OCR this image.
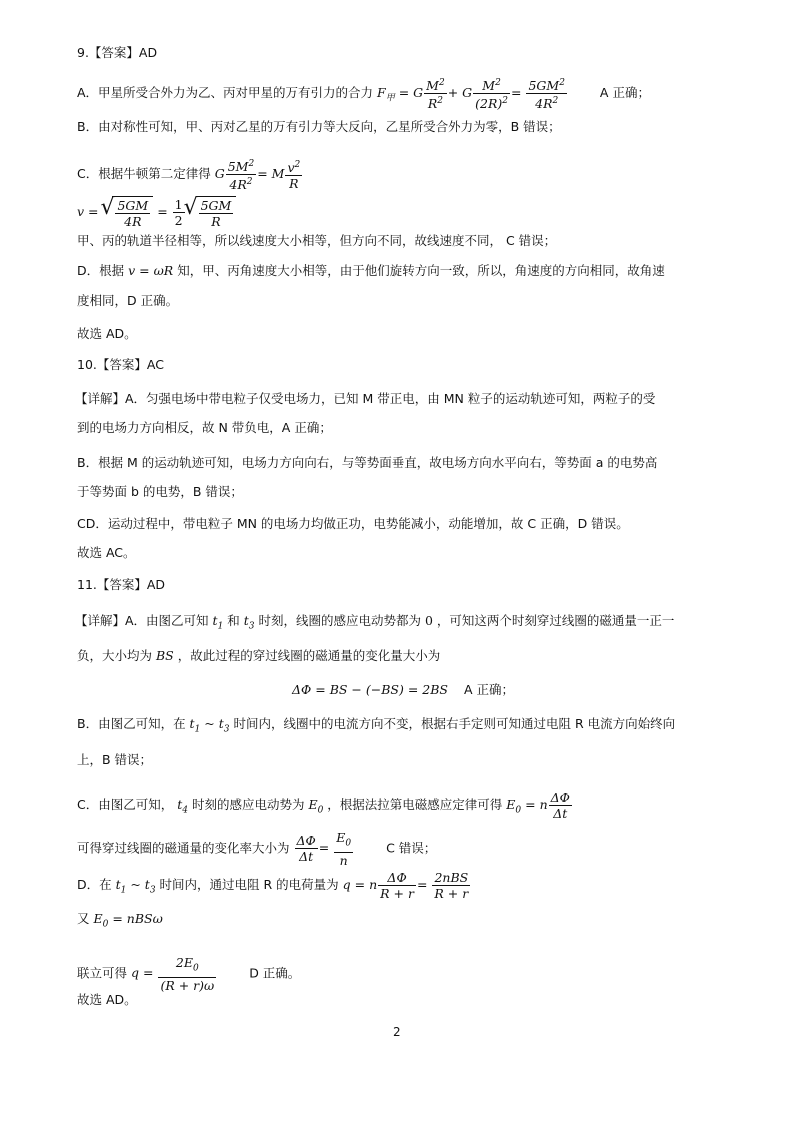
9.【答案】AD
A．甲星所受合外力为乙、丙对甲星的万有引力的合力 $F_甲 = G \frac{M^2}{R^2} + G \frac{M^2}{(2R)^2} = \frac{5GM^2}{4R^2}$	A 正确；
B．由对称性可知，甲、丙对乙星的万有引力等大反向，乙星所受合外力为零，B 错误；
C．根据牛顿第二定律得 G $\frac{5M^2}{4R^2} = M \frac{v^2}{R}$
v = √ $\frac{5GM}{4R} = \frac{1}{2}$ √ $\frac{5GM}{R}$
甲、丙的轨道半径相等，所以线速度大小相等，但方向不同，故线速度不同， C 错误；
D．根据 v = ωR 知，甲、丙角速度大小相等，由于他们旋转方向一致，所以，角速度的方向相同，故角速
度相同，D 正确。
故选 AD。
10.【答案】AC
【详解】A．匀强电场中带电粒子仅受电场力，已知 M 带正电，由 MN 粒子的运动轨迹可知，两粒子的受
到的电场力方向相反，故 N 带负电，A 正确；
B．根据 M 的运动轨迹可知，电场力方向向右，与等势面垂直，故电场方向水平向右，等势面 a 的电势高
于等势面 b 的电势，B 错误；
CD．运动过程中，带电粒子 MN 的电场力均做正功，电势能减小，动能增加，故 C 正确，D 错误。
故选 AC。
11.【答案】AD
【详解】A．由图乙可知 $t_1$ 和 $t_3$ 时刻，线圈的感应电动势都为 0 ，可知这两个时刻穿过线圈的磁通量一正一
负，大小均为 BS ，故此过程的穿过线圈的磁通量的变化量大小为
ΔΦ = BS − (−BS) = 2BS A 正确；
B．由图乙可知，在 $t_1$ ~ $t_3$ 时间内，线圈中的电流方向不变，根据右手定则可知通过电阻 R 电流方向始终向
上，B 错误；
C．由图乙可知， $t_4$ 时刻的感应电动势为 $E_0$ ，根据法拉第电磁感应定律可得 $E_0 = n \frac{\Delta\Phi}{\Delta t}$
可得穿过线圈的磁通量的变化率大小为 $\frac{\Delta\Phi}{\Delta t} = \frac{E_0}{n}$	C 错误；
D．在 $t_1$ ~ $t_3$ 时间内，通过电阻 R 的电荷量为 q = n $\frac{\Delta\Phi}{R + r} = 2nBS$
R + r
又 $E_0 = nBS\omega$
联立可得 $q = \frac{2E_0}{(R + r)\omega}$	D 正确。
故选 AD。
2
